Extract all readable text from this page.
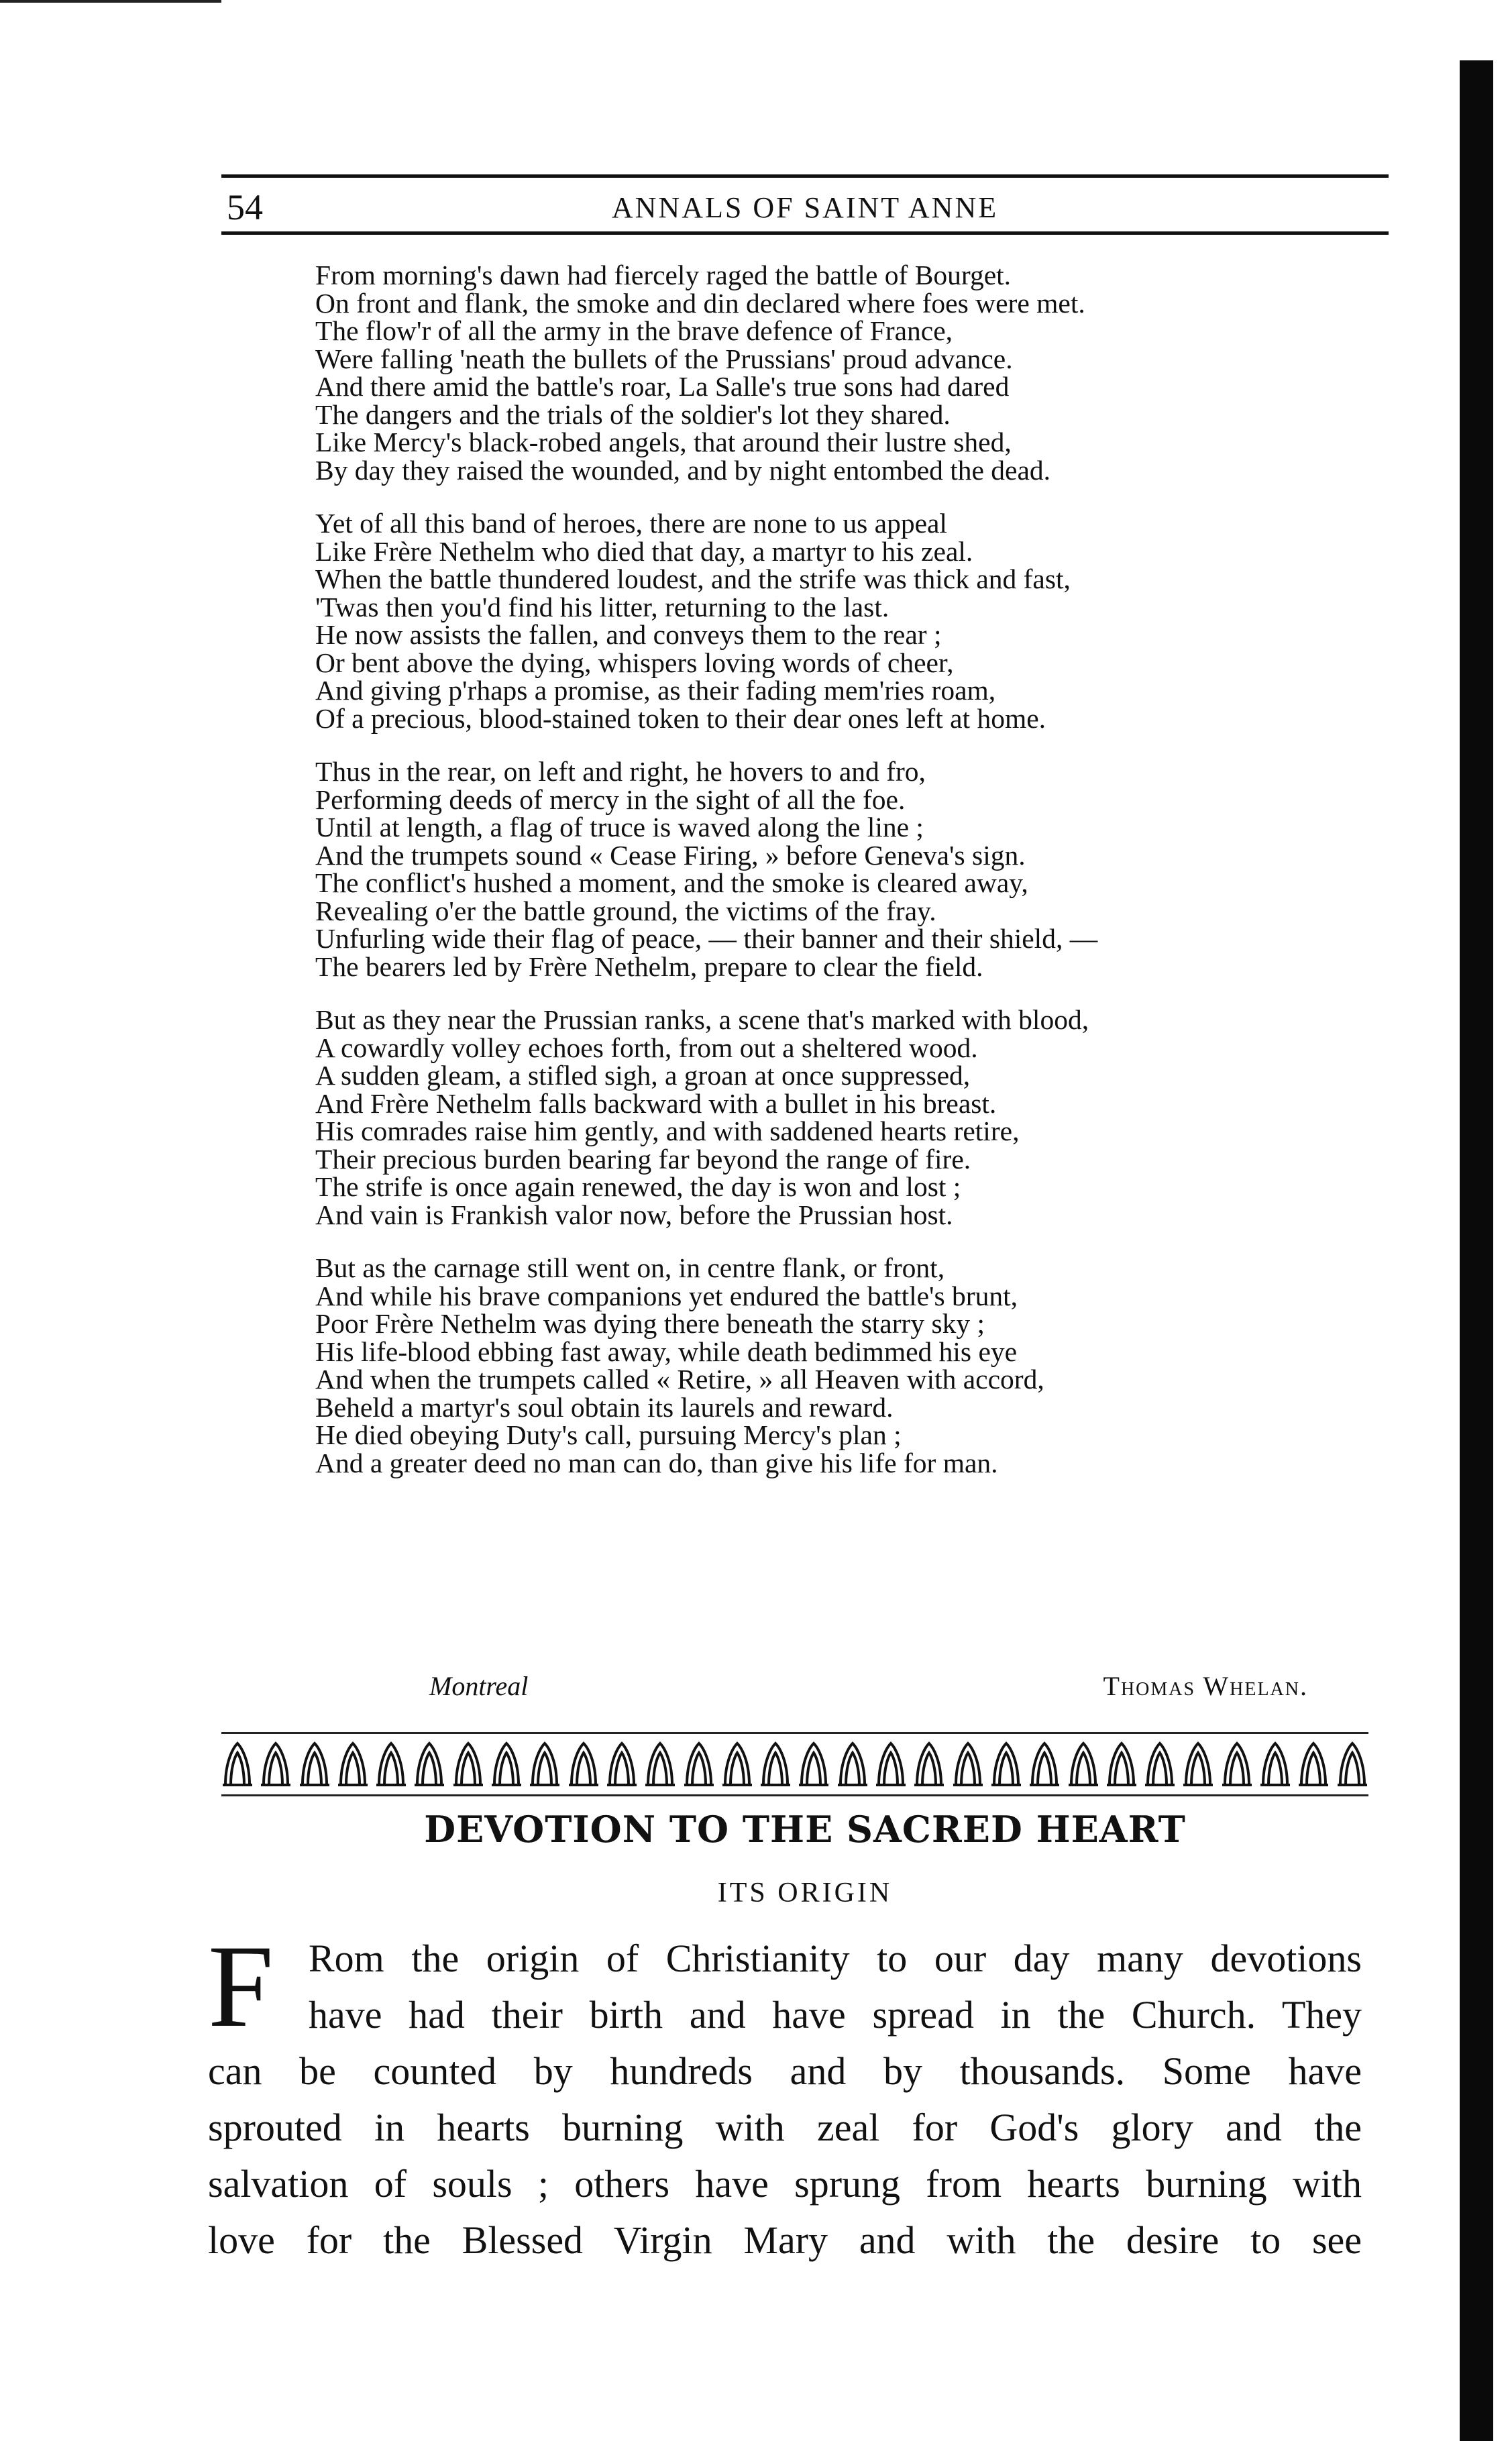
54	ANNALS OF SAINT ANNE
From morning's dawn had fiercely raged the battle of Bourget.
On front and flank, the smoke and din declared where foes were met.
The flow'r of all the army in the brave defence of France,
Were falling 'neath the bullets of the Prussians' proud advance.
And there amid the battle's roar, La Salle's true sons had dared
The dangers and the trials of the soldier's lot they shared.
Like Mercy's black-robed angels, that around their lustre shed,
By day they raised the wounded, and by night entombed the dead.
Yet of all this band of heroes, there are none to us appeal
Like Frère Nethelm who died that day, a martyr to his zeal.
When the battle thundered loudest, and the strife was thick and fast,
'Twas then you'd find his litter, returning to the last.
He now assists the fallen, and conveys them to the rear ;
Or bent above the dying, whispers loving words of cheer,
And giving p'rhaps a promise, as their fading mem'ries roam,
Of a precious, blood-stained token to their dear ones left at home.
Thus in the rear, on left and right, he hovers to and fro,
Performing deeds of mercy in the sight of all the foe.
Until at length, a flag of truce is waved along the line ;
And the trumpets sound « Cease Firing, » before Geneva's sign.
The conflict's hushed a moment, and the smoke is cleared away,
Revealing o'er the battle ground, the victims of the fray.
Unfurling wide their flag of peace, — their banner and their shield, —
The bearers led by Frère Nethelm, prepare to clear the field.
But as they near the Prussian ranks, a scene that's marked with blood,
A cowardly volley echoes forth, from out a sheltered wood.
A sudden gleam, a stifled sigh, a groan at once suppressed,
And Frère Nethelm falls backward with a bullet in his breast.
His comrades raise him gently, and with saddened hearts retire,
Their precious burden bearing far beyond the range of fire.
The strife is once again renewed, the day is won and lost ;
And vain is Frankish valor now, before the Prussian host.
But as the carnage still went on, in centre flank, or front,
And while his brave companions yet endured the battle's brunt,
Poor Frère Nethelm was dying there beneath the starry sky ;
His life-blood ebbing fast away, while death bedimmed his eye
And when the trumpets called « Retire, » all Heaven with accord,
Beheld a martyr's soul obtain its laurels and reward.
He died obeying Duty's call, pursuing Mercy's plan ;
And a greater deed no man can do, than give his life for man.
Montreal	Thomas Whelan.
DEVOTION TO THE SACRED HEART
ITS ORIGIN
F Rom the origin of Christianity to our day many devotions
have had their birth and have spread in the Church. They
can be counted by hundreds and by thousands. Some have
sprouted in hearts burning with zeal for God's glory and the
salvation of souls ; others have sprung from hearts burning with
love for the Blessed Virgin Mary and with the desire to see
